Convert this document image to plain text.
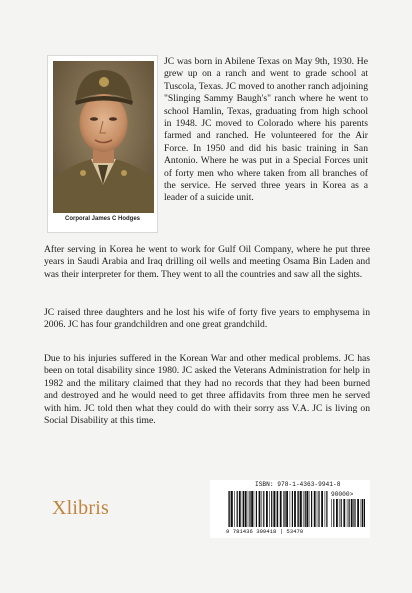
Corporal James C Hodges

JC was born in Abilene Texas on May 9th, 1930. He grew up on a ranch and went to grade school at Tuscola, Texas. JC moved to another ranch adjoining "Slinging Sammy Baugh's" ranch where he went to school Hamlin, Texas, graduating from high school in 1948. JC moved to Colorado where his parents farmed and ranched. He volunteered for the Air Force. In 1950 and did his basic training in San Antonio. Where he was put in a Special Forces unit of forty men who where taken from all branches of the service. He served three years in Korea as a leader of a suicide unit.

After serving in Korea he went to work for Gulf Oil Company, where he put three years in Saudi Arabia and Iraq drilling oil wells and meeting Osama Bin Laden and was their interpreter for them. They went to all the countries and saw all the sights.

JC raised three daughters and he lost his wife of forty five years to emphysema in 2006. JC has four grandchildren and one great grandchild.

Due to his injuries suffered in the Korean War and other medical problems. JC has been on total disability since 1980. JC asked the Veterans Administration for help in 1982 and the military claimed that they had no records that they had been burned and destroyed and he would need to get three affidavits from three men he served with him. JC told then what they could do with their sorry ass V.A. JC is living on Social Disability at this time.

Xlibris
ISBN: 978-1-4363-9941-8
90000>
9 781436 399418 | 53470
